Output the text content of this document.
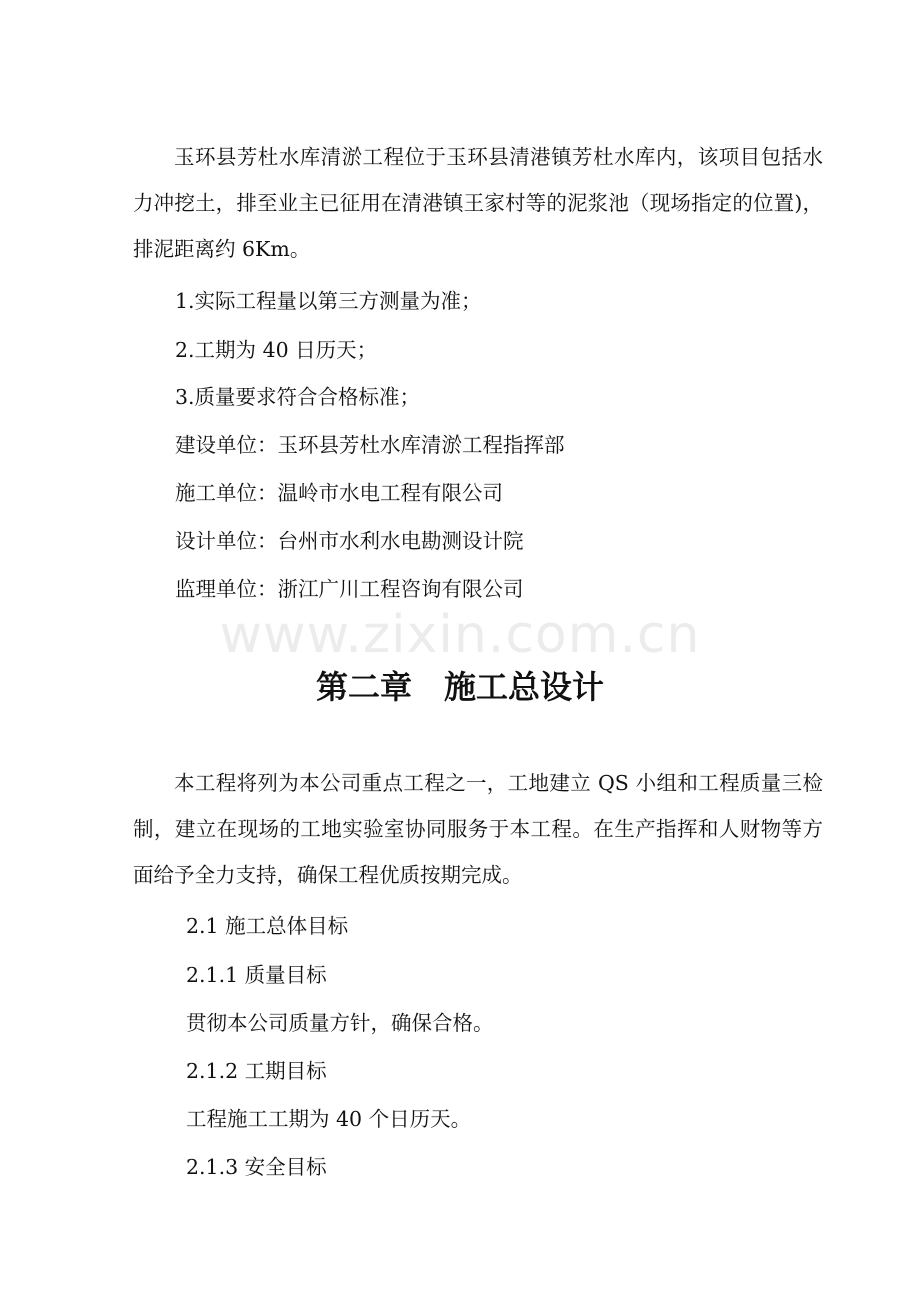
玉环县芳杜水库清淤工程位于玉环县清港镇芳杜水库内，该项目包括水力冲挖土，排至业主已征用在清港镇王家村等的泥浆池（现场指定的位置)，排泥距离约 6Km。

1.实际工程量以第三方测量为准；

2.工期为 40 日历天；

3.质量要求符合合格标准；

建设单位：玉环县芳杜水库清淤工程指挥部

施工单位：温岭市水电工程有限公司

设计单位：台州市水利水电勘测设计院

监理单位：浙江广川工程咨询有限公司

www.zixin.com.cn

第二章　施工总设计

本工程将列为本公司重点工程之一，工地建立 QS 小组和工程质量三检制，建立在现场的工地实验室协同服务于本工程。在生产指挥和人财物等方面给予全力支持，确保工程优质按期完成。

2.1 施工总体目标

2.1.1 质量目标

贯彻本公司质量方针，确保合格。

2.1.2 工期目标

工程施工工期为 40 个日历天。

2.1.3 安全目标
